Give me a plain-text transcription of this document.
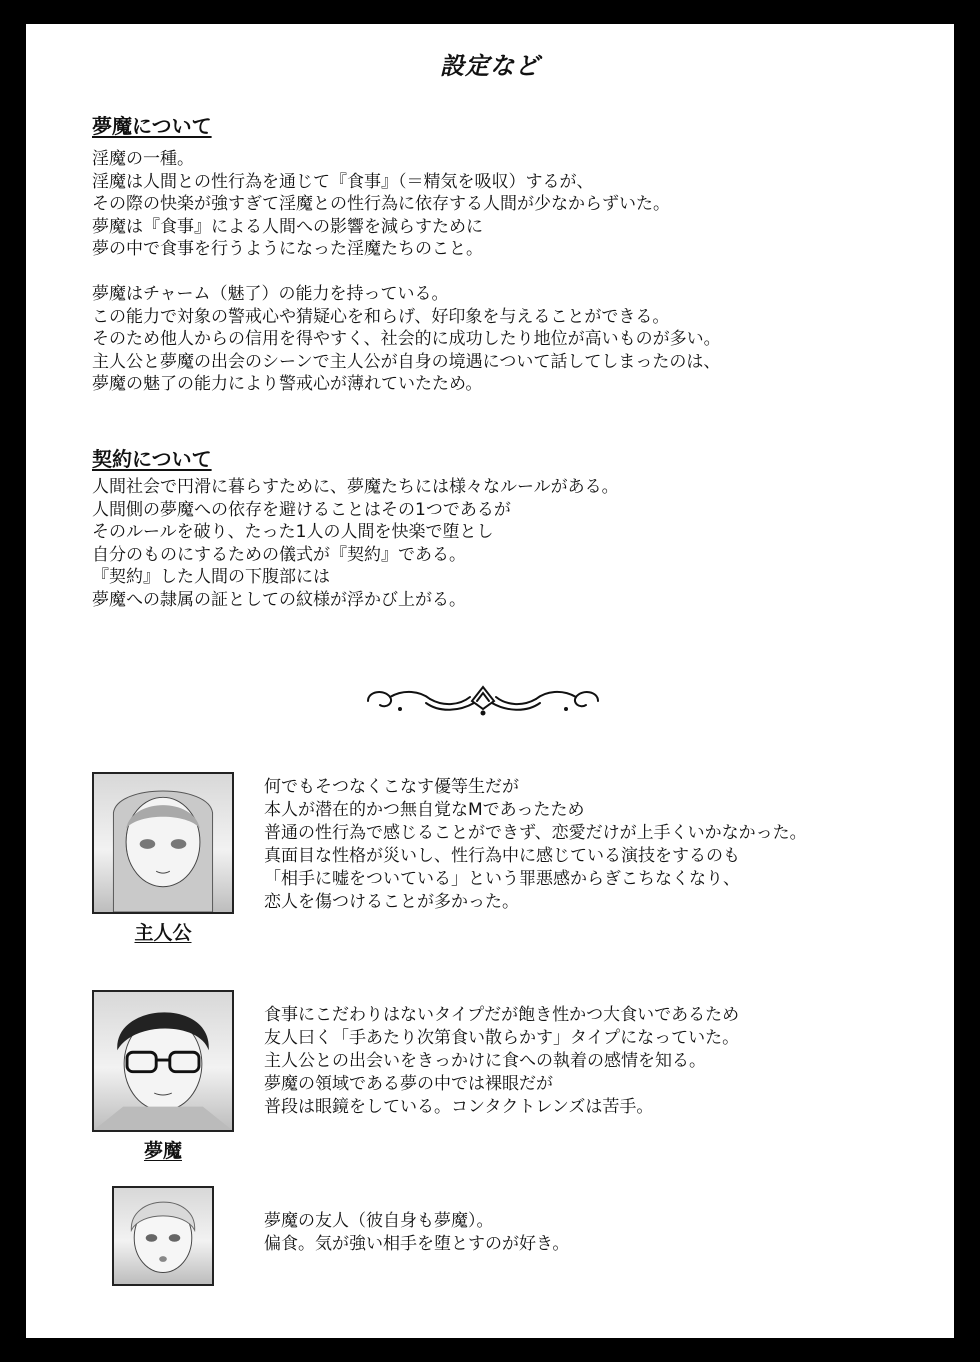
設定など
夢魔について
淫魔の一種。
淫魔は人間との性行為を通じて『食事』（＝精気を吸収）するが、
その際の快楽が強すぎて淫魔との性行為に依存する人間が少なからずいた。
夢魔は『食事』による人間への影響を減らすために
夢の中で食事を行うようになった淫魔たちのこと。
夢魔はチャーム（魅了）の能力を持っている。
この能力で対象の警戒心や猜疑心を和らげ、好印象を与えることができる。
そのため他人からの信用を得やすく、社会的に成功したり地位が高いものが多い。
主人公と夢魔の出会のシーンで主人公が自身の境遇について話してしまったのは、
夢魔の魅了の能力により警戒心が薄れていたため。
契約について
人間社会で円滑に暮らすために、夢魔たちには様々なルールがある。
人間側の夢魔への依存を避けることはその1つであるが
そのルールを破り、たった1人の人間を快楽で堕とし
自分のものにするための儀式が『契約』である。
『契約』した人間の下腹部には
夢魔への隷属の証としての紋様が浮かび上がる。
主人公
何でもそつなくこなす優等生だが
本人が潜在的かつ無自覚なMであったため
普通の性行為で感じることができず、恋愛だけが上手くいかなかった。
真面目な性格が災いし、性行為中に感じている演技をするのも
「相手に嘘をついている」という罪悪感からぎこちなくなり、
恋人を傷つけることが多かった。
夢魔
食事にこだわりはないタイプだが飽き性かつ大食いであるため
友人曰く「手あたり次第食い散らかす」タイプになっていた。
主人公との出会いをきっかけに食への執着の感情を知る。
夢魔の領域である夢の中では裸眼だが
普段は眼鏡をしている。コンタクトレンズは苦手。
夢魔の友人（彼自身も夢魔）。
偏食。気が強い相手を堕とすのが好き。
